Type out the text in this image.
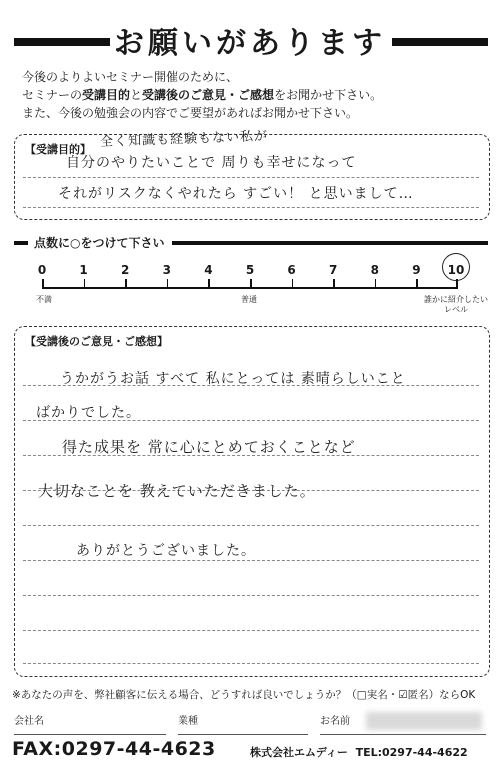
お願いがあります
今後のよりよいセミナー開催のために、
セミナーの受講目的と受講後のご意見・ご感想をお聞かせ下さい。
また、今後の勉強会の内容でご要望があればお聞かせ下さい。
【受講目的】 全く知識も経験もない私が
自分のやりたいことで 周りも幸せになって
それがリスクなくやれたら すごい！ と思いまして…
点数に○をつけて下さい
0	1	2	3	4	5	6	7	8	9	10
不満	普通	誰かに紹介したい
レベル
【受講後のご意見・ご感想】
うかがうお話 すべて 私にとっては 素晴らしいこと
ばかりでした。
得た成果を 常に心にとめておくことなど
大切なことを 教えていただきました。
ありがとうございました。
※あなたの声を、弊社顧客に伝える場合、どうすれば良いでしょうか？（□実名・☑匿名）ならOK
会社名	業種	お名前
FAX:0297-44-4623	株式会社エムディー TEL:0297-44-4622
